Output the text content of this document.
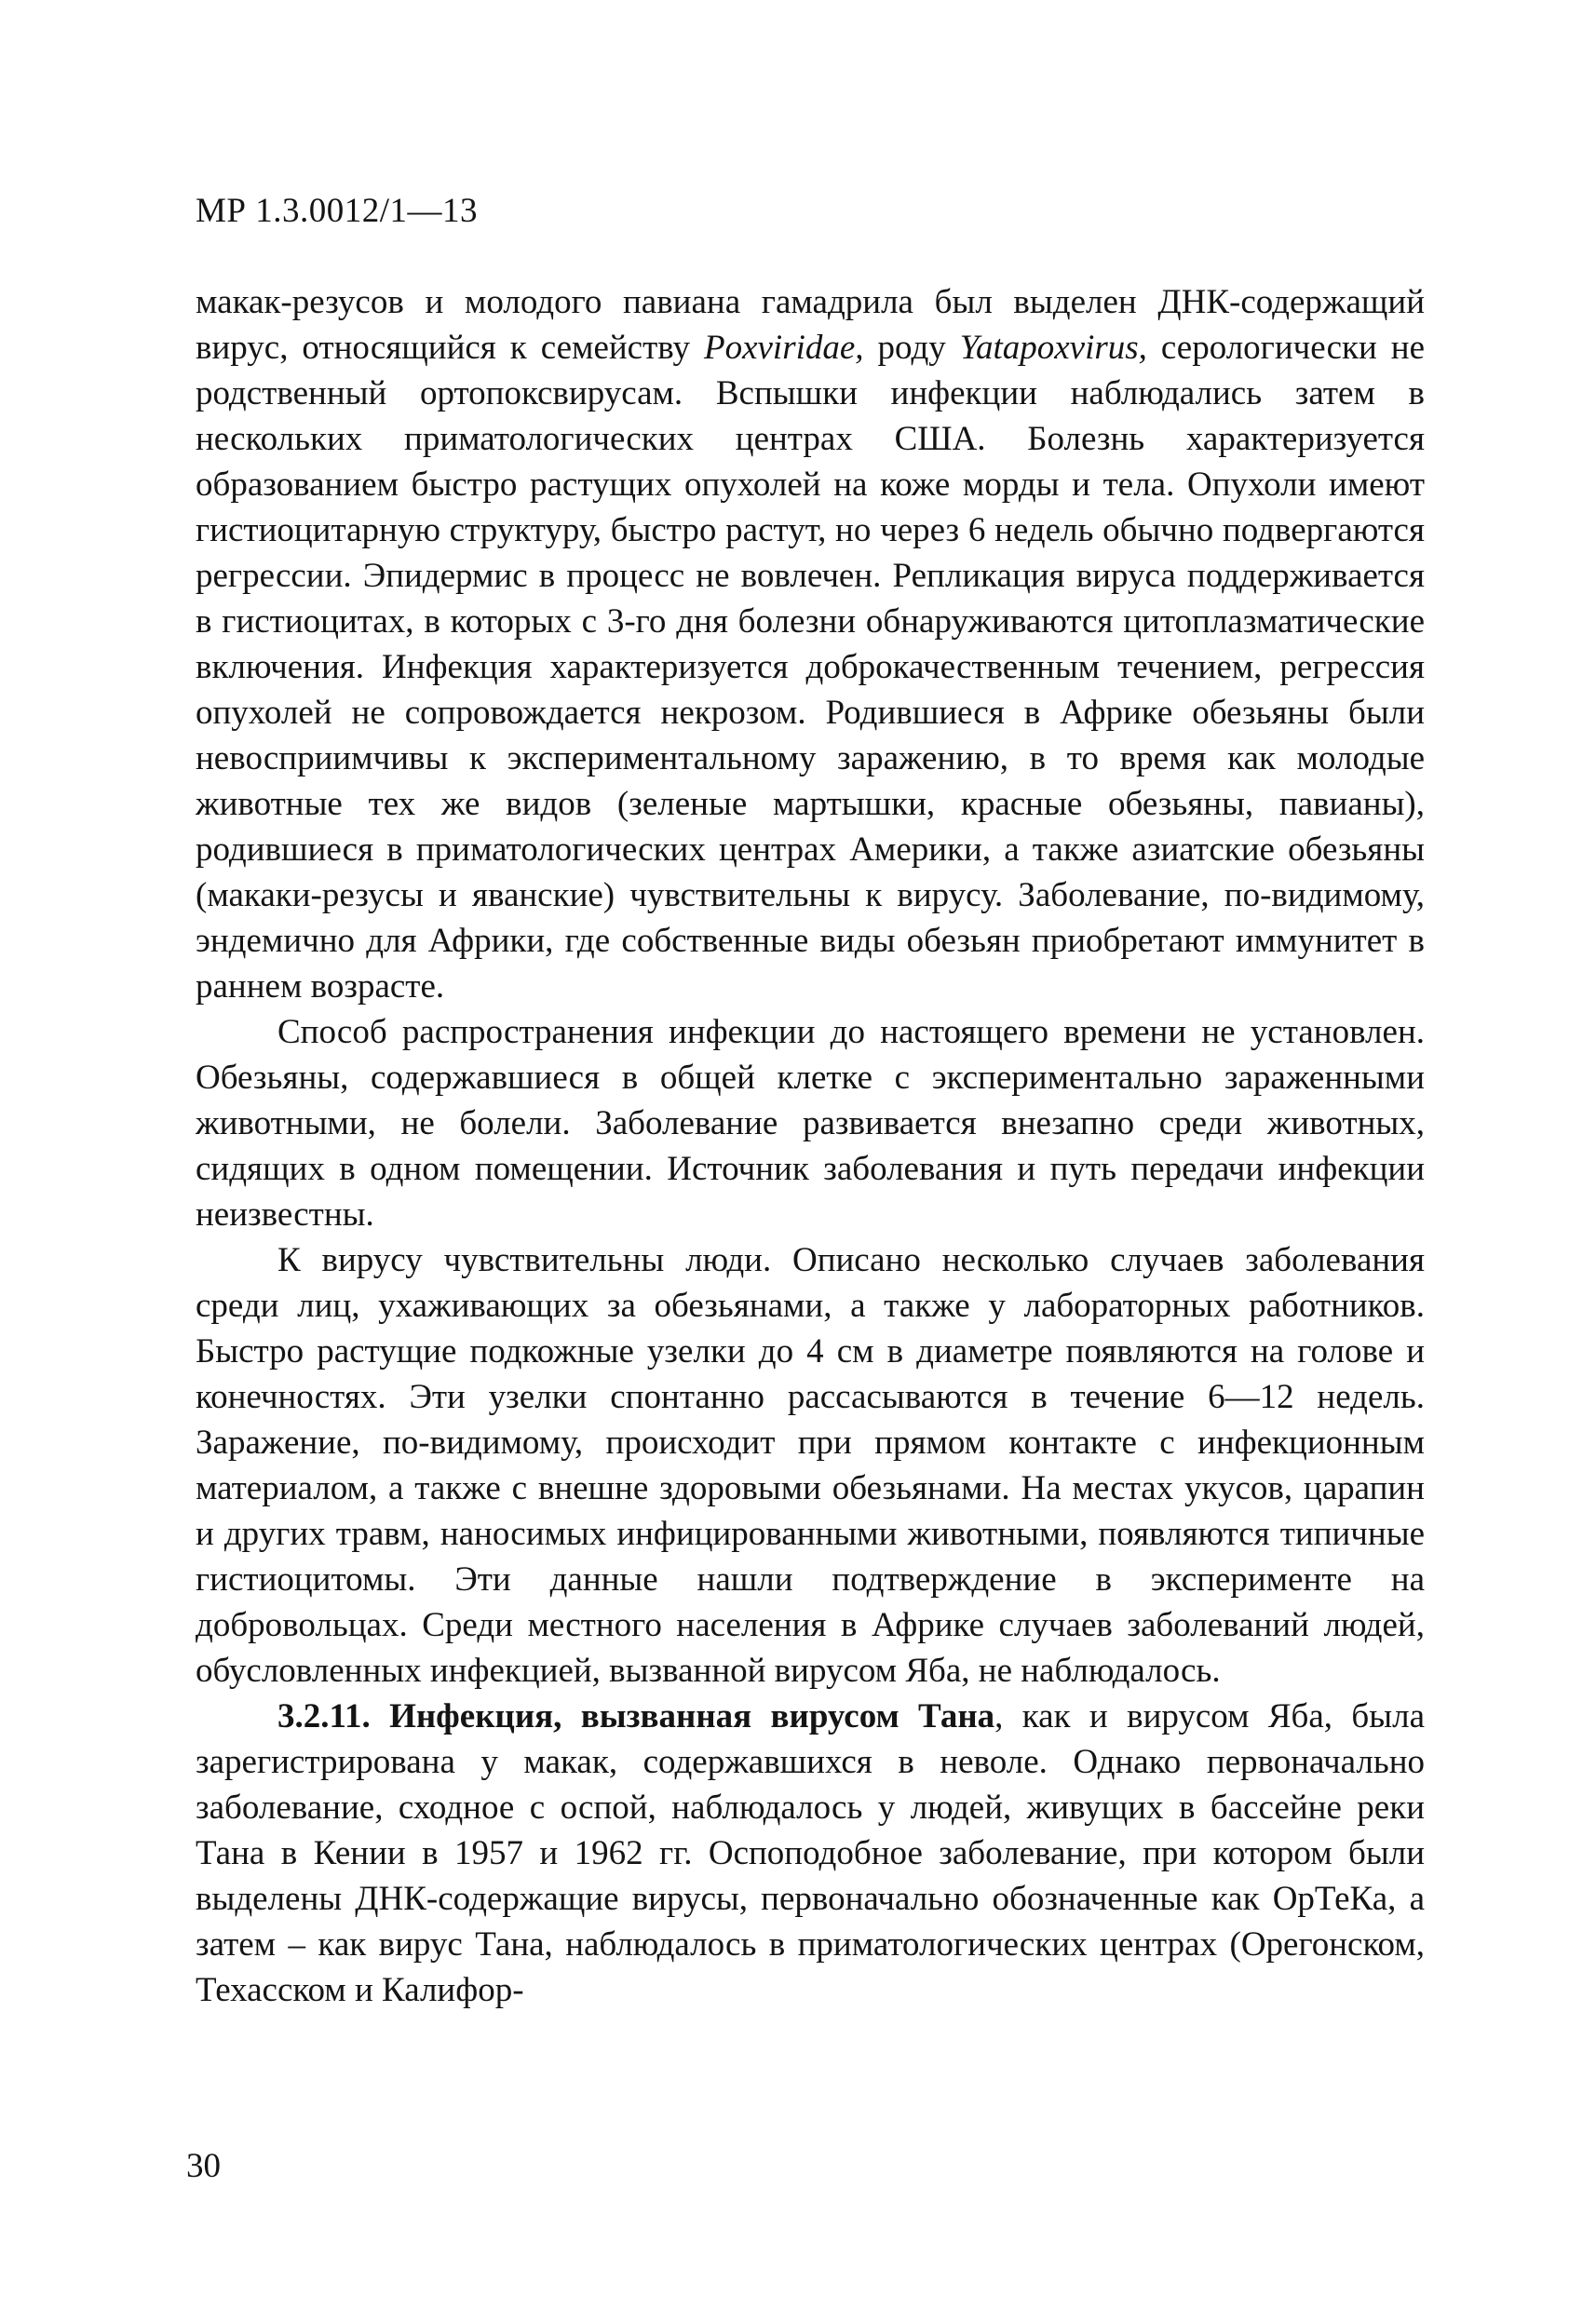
МР 1.3.0012/1—13

макак-резусов и молодого павиана гамадрила был выделен ДНК-содержащий вирус, относящийся к семейству Poxviridae, роду Yatapoxvirus, серологически не родственный ортопоксвирусам. Вспышки инфекции наблюдались затем в нескольких приматологических центрах США. Болезнь характеризуется образованием быстро растущих опухолей на коже морды и тела. Опухоли имеют гистиоцитарную структуру, быстро растут, но через 6 недель обычно подвергаются регрессии. Эпидермис в процесс не вовлечен. Репликация вируса поддерживается в гистиоцитах, в которых с 3-го дня болезни обнаруживаются цитоплазматические включения. Инфекция характеризуется доброкачественным течением, регрессия опухолей не сопровождается некрозом. Родившиеся в Африке обезьяны были невосприимчивы к экспериментальному заражению, в то время как молодые животные тех же видов (зеленые мартышки, красные обезьяны, павианы), родившиеся в приматологических центрах Америки, а также азиатские обезьяны (макаки-резусы и яванские) чувствительны к вирусу. Заболевание, по-видимому, эндемично для Африки, где собственные виды обезьян приобретают иммунитет в раннем возрасте.

Способ распространения инфекции до настоящего времени не установлен. Обезьяны, содержавшиеся в общей клетке с экспериментально зараженными животными, не болели. Заболевание развивается внезапно среди животных, сидящих в одном помещении. Источник заболевания и путь передачи инфекции неизвестны.

К вирусу чувствительны люди. Описано несколько случаев заболевания среди лиц, ухаживающих за обезьянами, а также у лабораторных работников. Быстро растущие подкожные узелки до 4 см в диаметре появляются на голове и конечностях. Эти узелки спонтанно рассасываются в течение 6—12 недель. Заражение, по-видимому, происходит при прямом контакте с инфекционным материалом, а также с внешне здоровыми обезьянами. На местах укусов, царапин и других травм, наносимых инфицированными животными, появляются типичные гистиоцитомы. Эти данные нашли подтверждение в эксперименте на добровольцах. Среди местного населения в Африке случаев заболеваний людей, обусловленных инфекцией, вызванной вирусом Яба, не наблюдалось.

3.2.11. Инфекция, вызванная вирусом Тана, как и вирусом Яба, была зарегистрирована у макак, содержавшихся в неволе. Однако первоначально заболевание, сходное с оспой, наблюдалось у людей, живущих в бассейне реки Тана в Кении в 1957 и 1962 гг. Оспоподобное заболевание, при котором были выделены ДНК-содержащие вирусы, первоначально обозначенные как ОрТеКа, а затем – как вирус Тана, наблюдалось в приматологических центрах (Орегонском, Техасском и Калифор-

30
